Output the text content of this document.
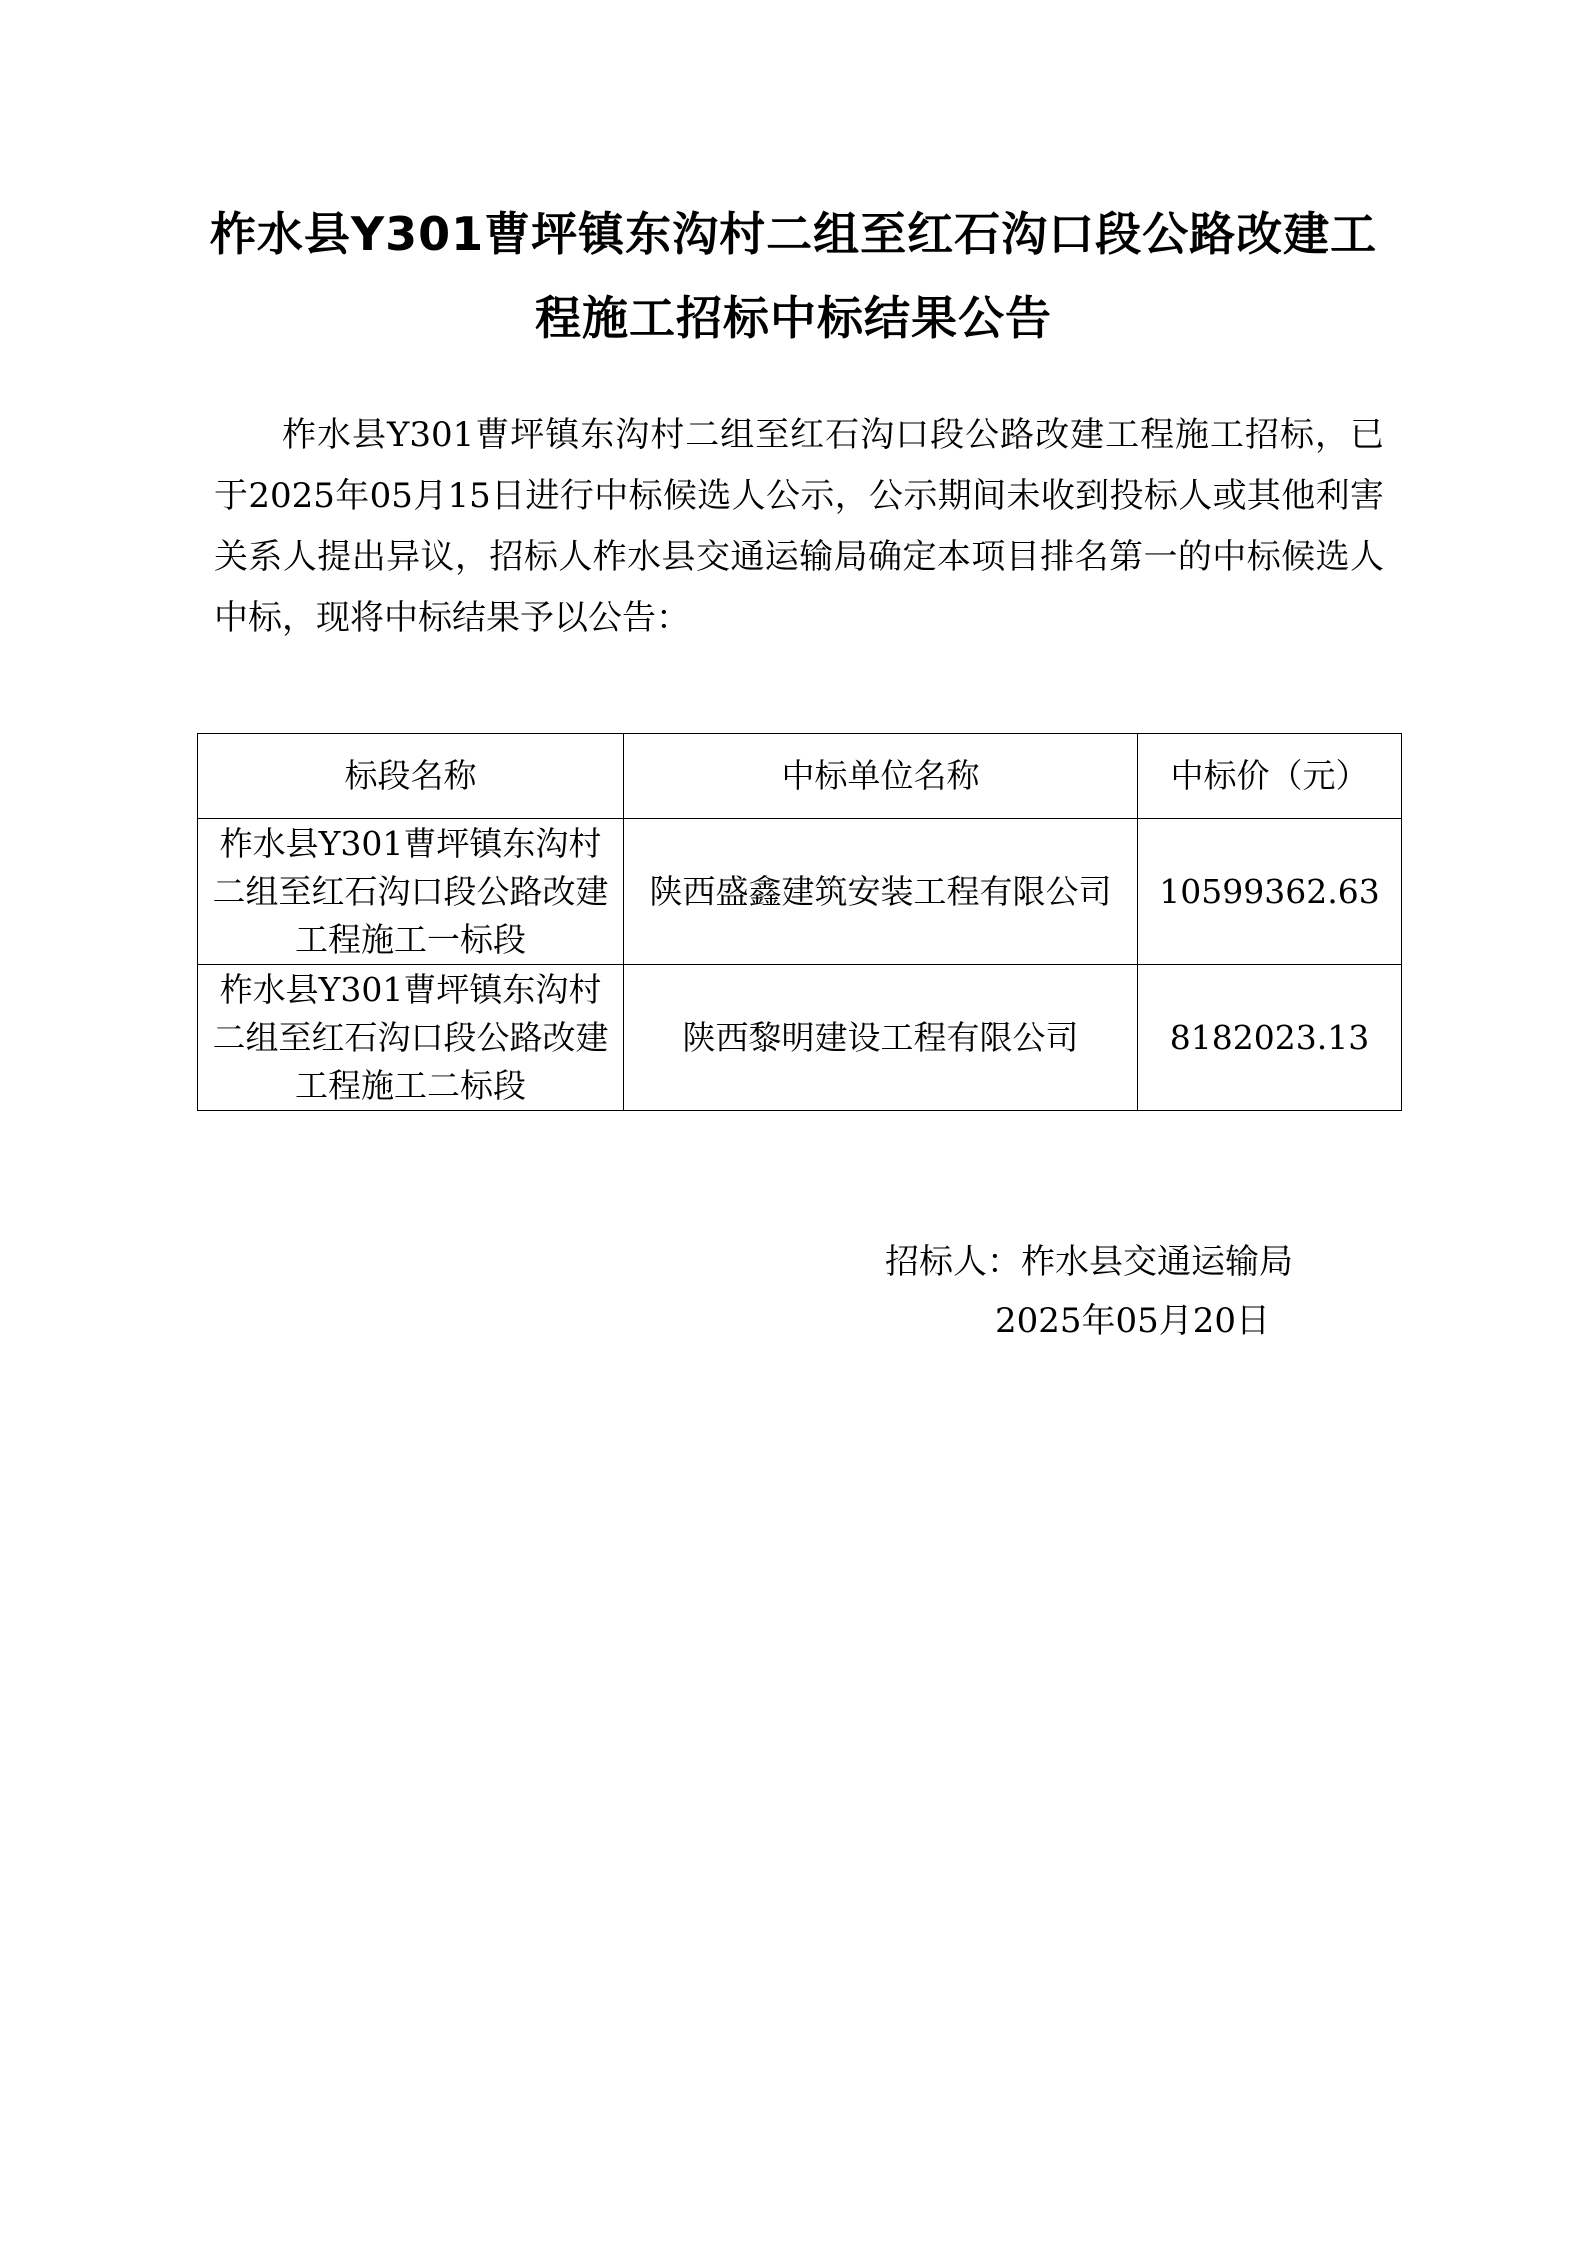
柞水县Y301曹坪镇东沟村二组至红石沟口段公路改建工程施工招标中标结果公告

柞水县Y301曹坪镇东沟村二组至红石沟口段公路改建工程施工招标，已于2025年05月15日进行中标候选人公示，公示期间未收到投标人或其他利害关系人提出异议，招标人柞水县交通运输局确定本项目排名第一的中标候选人中标，现将中标结果予以公告：

标段名称	中标单位名称	中标价（元）
柞水县Y301曹坪镇东沟村二组至红石沟口段公路改建工程施工一标段	陕西盛鑫建筑安装工程有限公司	10599362.63
柞水县Y301曹坪镇东沟村二组至红石沟口段公路改建工程施工二标段	陕西黎明建设工程有限公司	8182023.13
招标人：柞水县交通运输局
2025年05月20日
